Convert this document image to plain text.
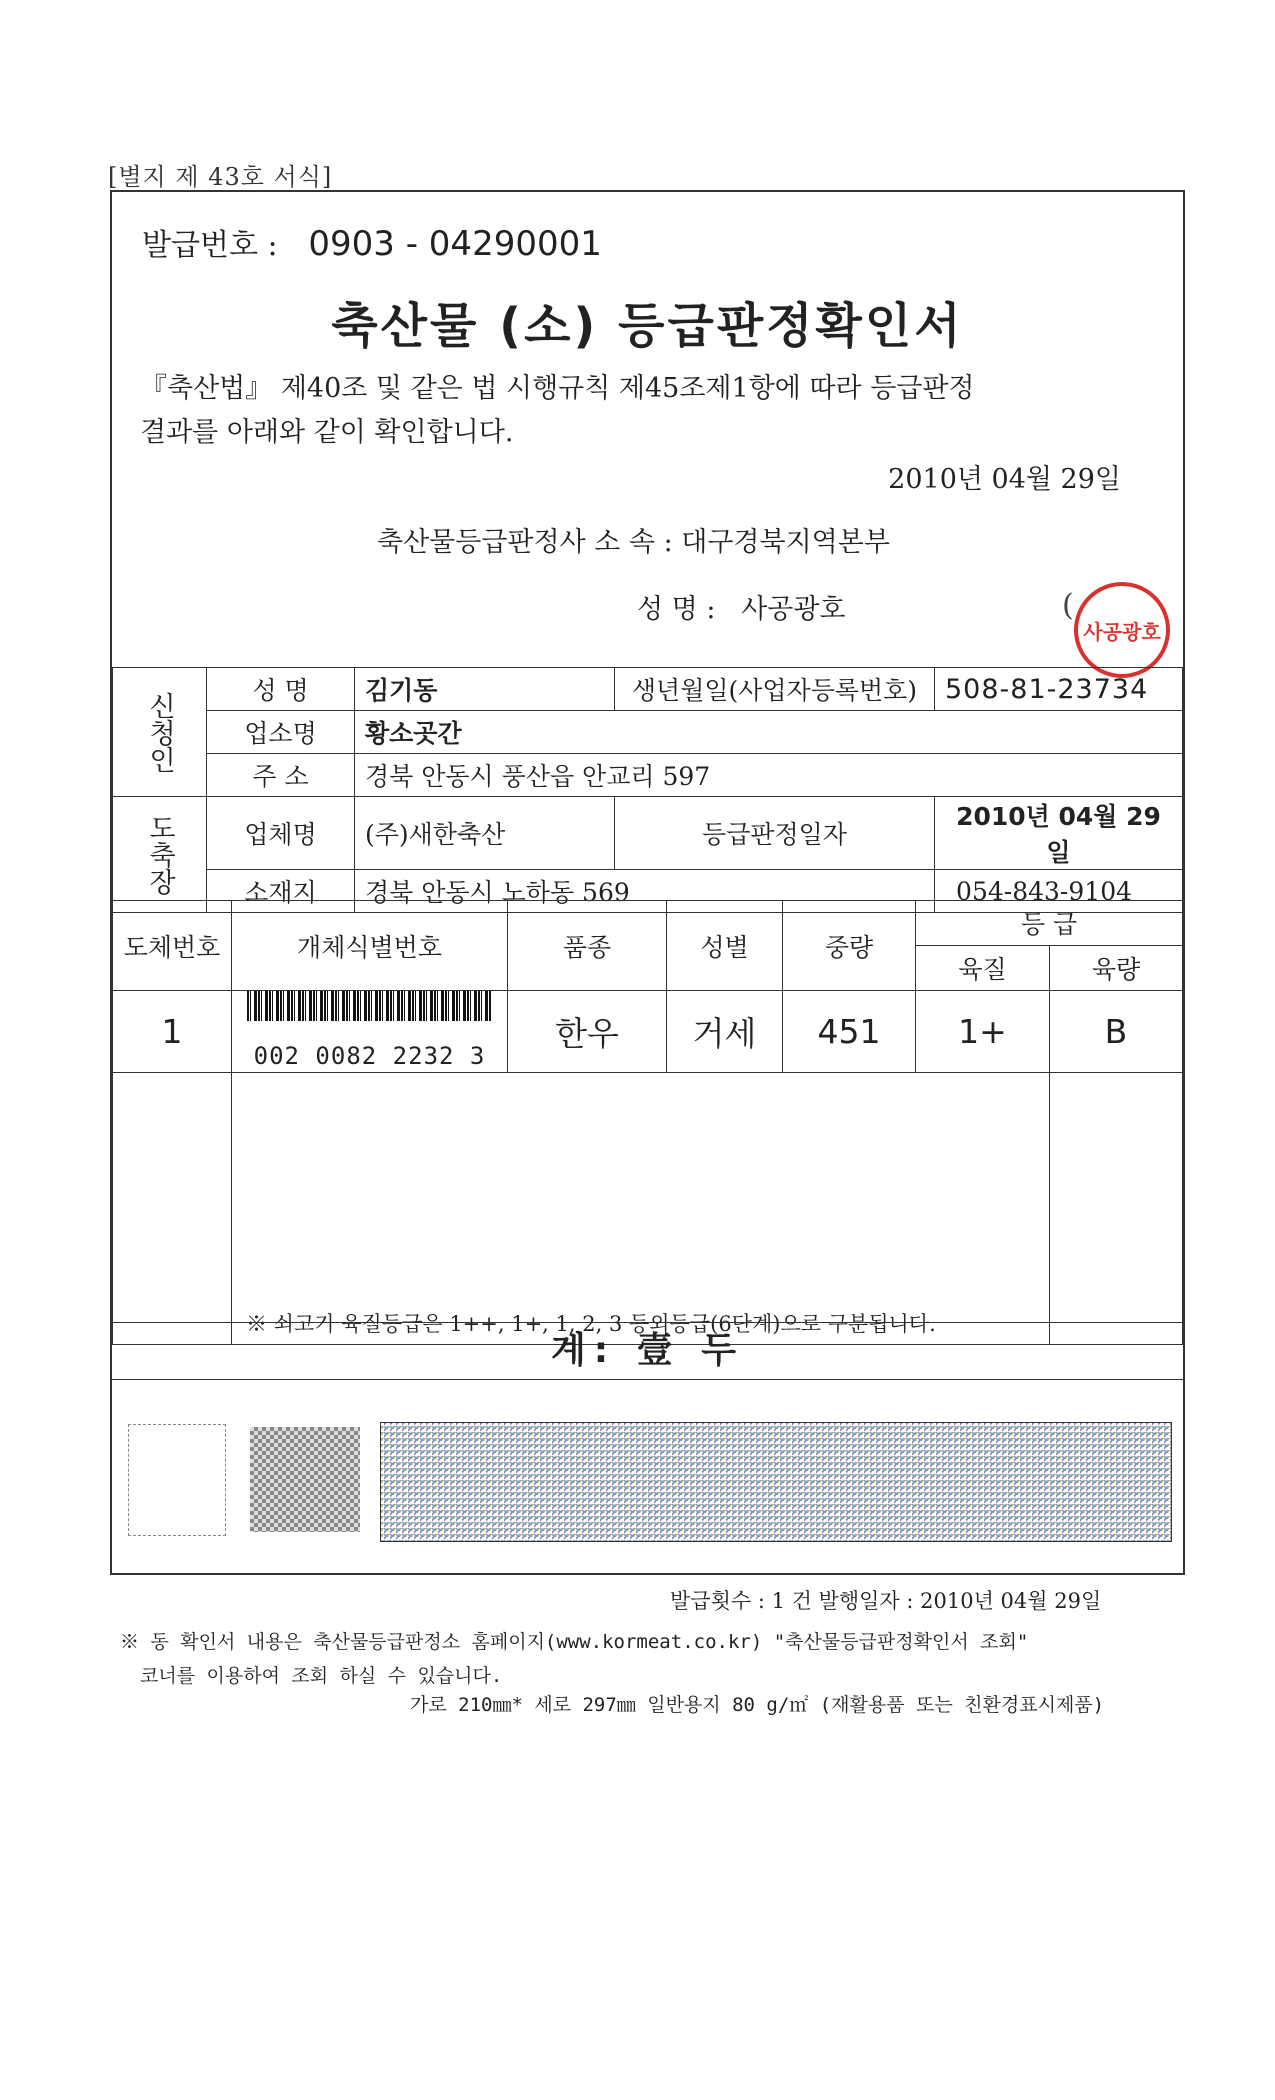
[별지 제 43호 서식]
발급번호 : 0903 - 04290001
축산물 (소) 등급판정확인서
『축산법』 제40조 및 같은 법 시행규칙 제45조제1항에 따라 등급판정
결과를 아래와 같이 확인합니다.
2010년 04월 29일
축산물등급판정사 소 속 : 대구경북지역본부
성 명 : 사공광호	(
사공광호
신청인	성 명	김기동	생년월일(사업자등록번호)	508-81-23734
	업소명	황소곳간		
	주 소	경북 안동시 풍산읍 안교리 597		
도축장	업체명	(주)새한축산	등급판정일자	2010년 04월 29일
	소재지	경북 안동시 노하동 569		054-843-9104
도체번호	개체식별번호	품종	성별	중량	등 급	
					육질	육량
1	002 0082 2232 3	한우	거세	451	1+	B
	※ 쇠고기 육질등급은 1++, 1+, 1, 2, 3 등외등급(6단계)으로 구분됩니다.					
계: 壹 두
발급횟수 : 1 건 발행일자 : 2010년 04월 29일
※ 동 확인서 내용은 축산물등급판정소 홈페이지(www.kormeat.co.kr) "축산물등급판정확인서 조회"
코너를 이용하여 조회 하실 수 있습니다.
가로 210㎜* 세로 297㎜ 일반용지 80 g/㎡ (재활용품 또는 친환경표시제품)
